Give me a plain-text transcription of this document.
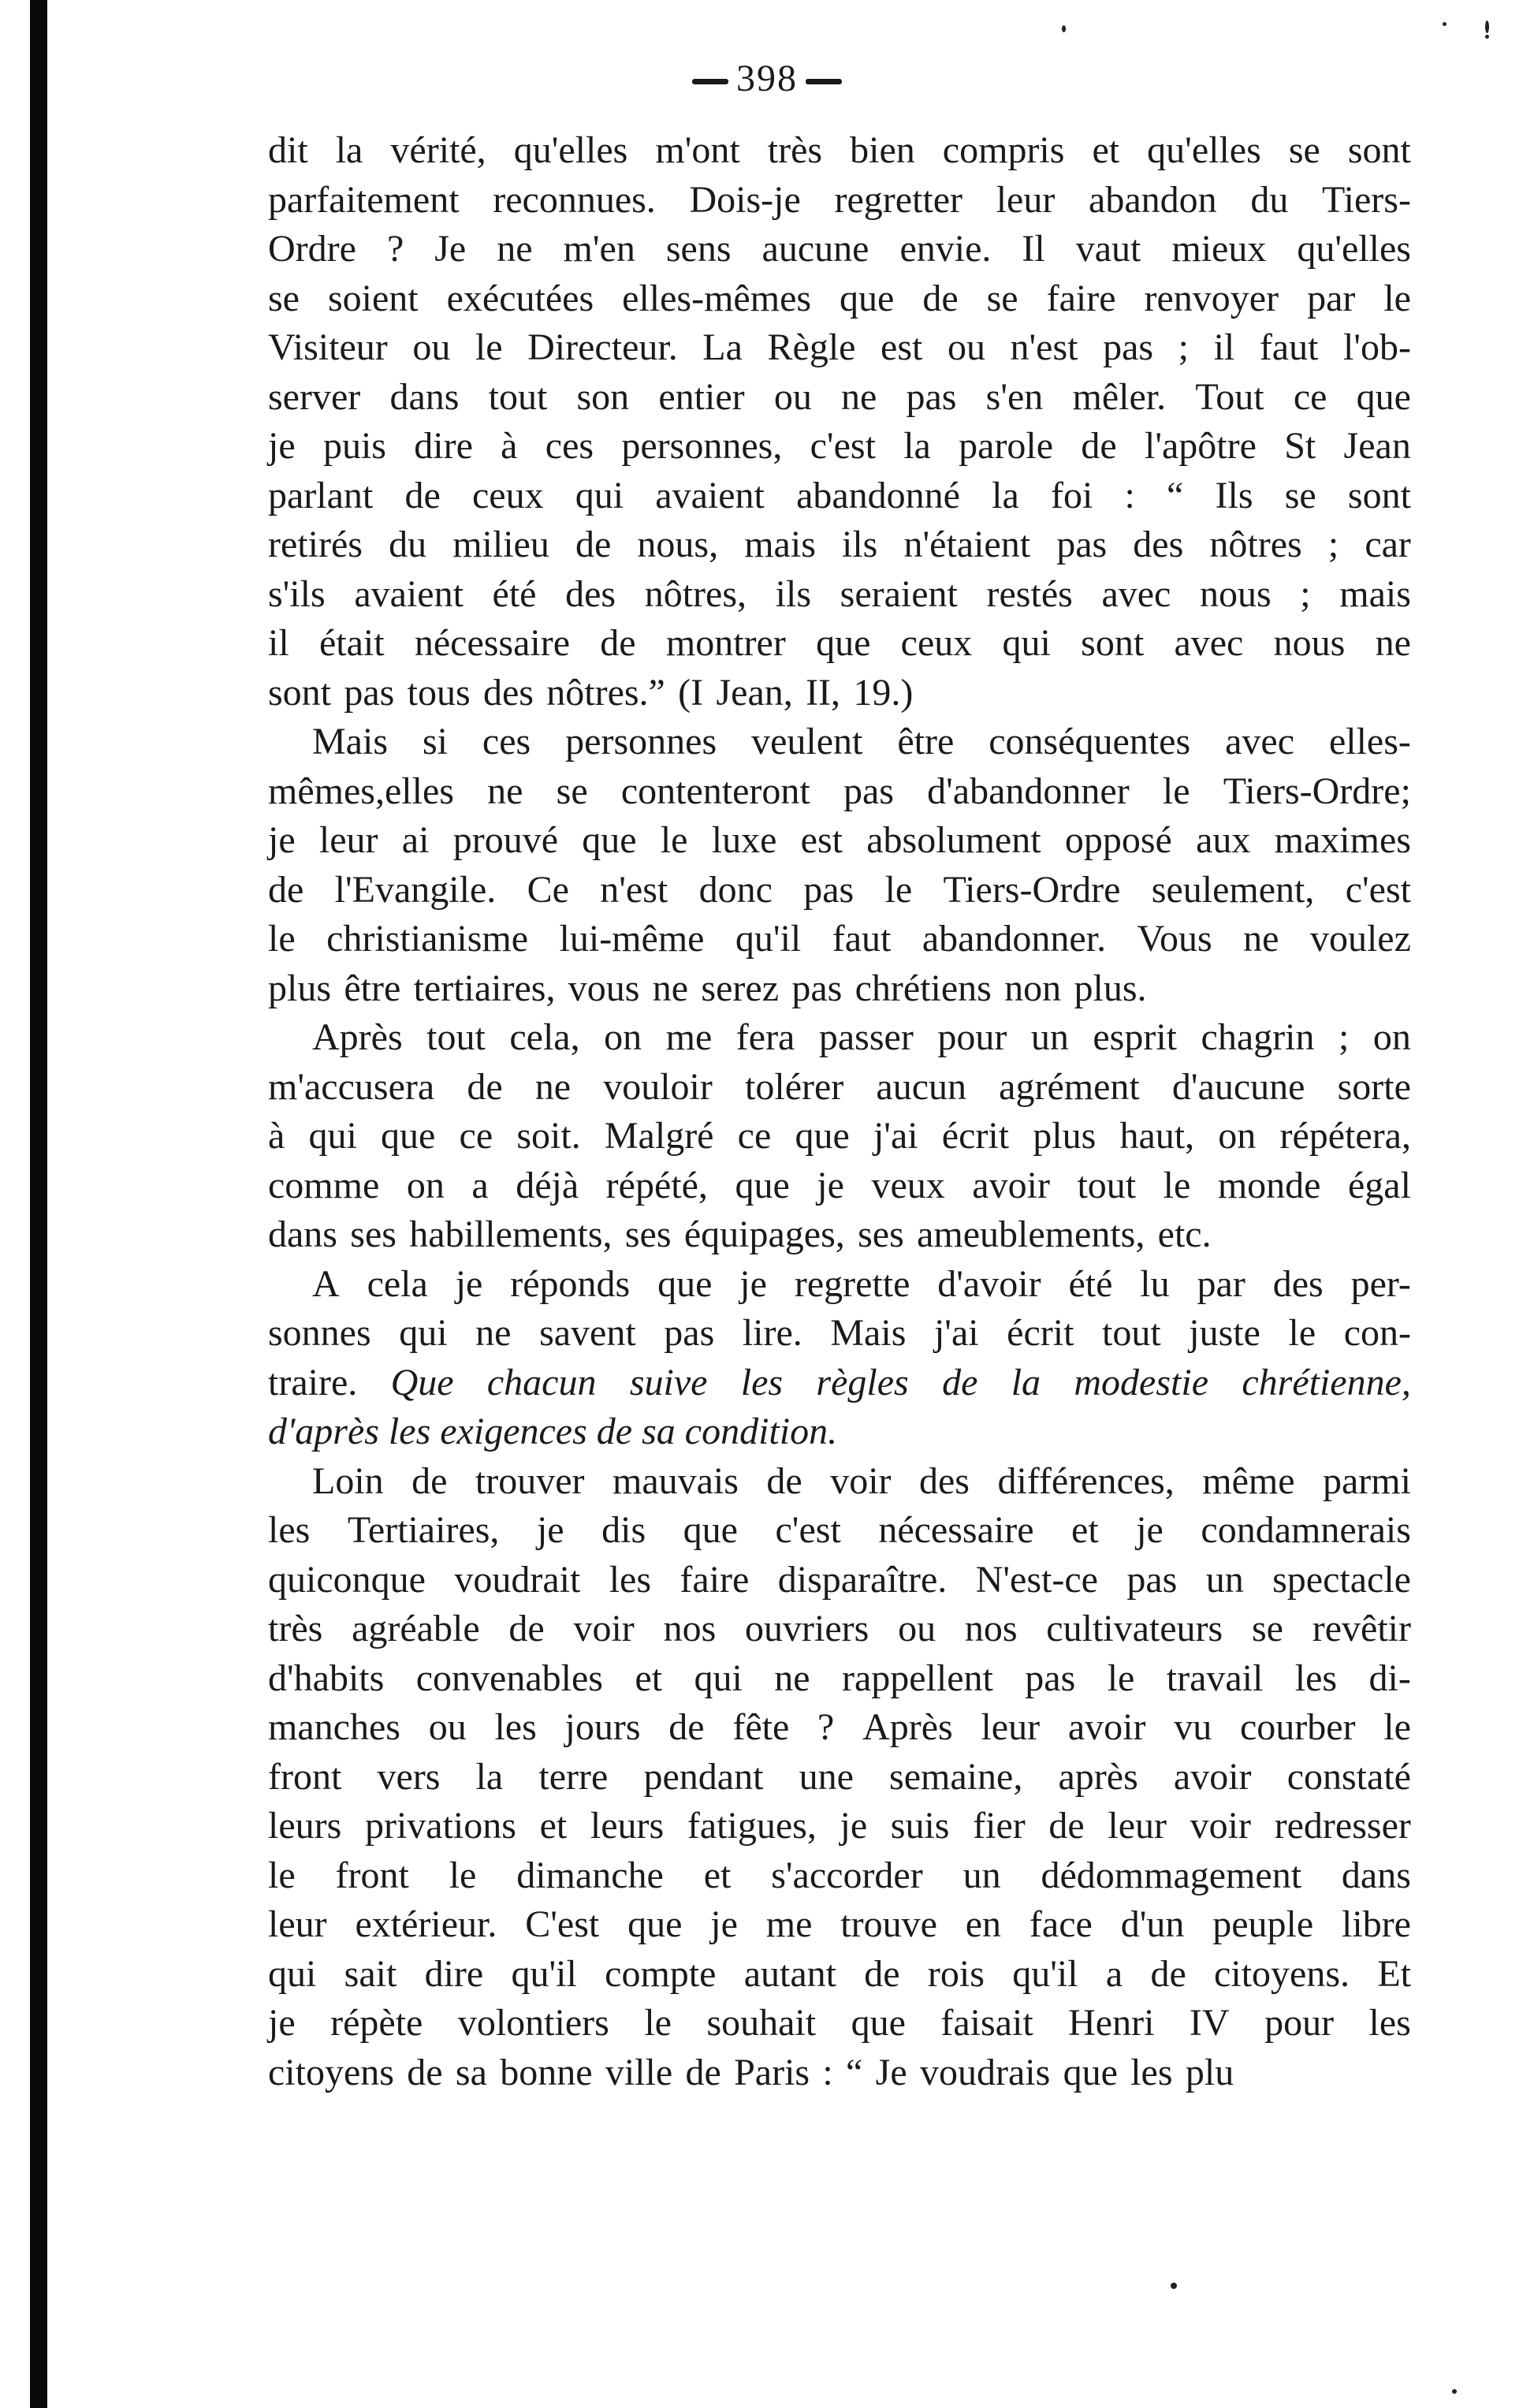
398
dit la vérité, qu'elles m'ont très bien compris et qu'elles se sont
parfaitement reconnues. Dois-je regretter leur abandon du Tiers-
Ordre ? Je ne m'en sens aucune envie. Il vaut mieux qu'elles
se soient exécutées elles-mêmes que de se faire renvoyer par le
Visiteur ou le Directeur. La Règle est ou n'est pas ; il faut l'ob-
server dans tout son entier ou ne pas s'en mêler. Tout ce que
je puis dire à ces personnes, c'est la parole de l'apôtre St Jean
parlant de ceux qui avaient abandonné la foi : “ Ils se sont
retirés du milieu de nous, mais ils n'étaient pas des nôtres ; car
s'ils avaient été des nôtres, ils seraient restés avec nous ; mais
il était nécessaire de montrer que ceux qui sont avec nous ne
sont pas tous des nôtres.” (I Jean, II, 19.)
Mais si ces personnes veulent être conséquentes avec elles-
mêmes,elles ne se contenteront pas d'abandonner le Tiers-Ordre;
je leur ai prouvé que le luxe est absolument opposé aux maximes
de l'Evangile. Ce n'est donc pas le Tiers-Ordre seulement, c'est
le christianisme lui-même qu'il faut abandonner. Vous ne voulez
plus être tertiaires, vous ne serez pas chrétiens non plus.
Après tout cela, on me fera passer pour un esprit chagrin ; on
m'accusera de ne vouloir tolérer aucun agrément d'aucune sorte
à qui que ce soit. Malgré ce que j'ai écrit plus haut, on répétera,
comme on a déjà répété, que je veux avoir tout le monde égal
dans ses habillements, ses équipages, ses ameublements, etc.
A cela je réponds que je regrette d'avoir été lu par des per-
sonnes qui ne savent pas lire. Mais j'ai écrit tout juste le con-
traire. Que chacun suive les règles de la modestie chrétienne,
d'après les exigences de sa condition.
Loin de trouver mauvais de voir des différences, même parmi
les Tertiaires, je dis que c'est nécessaire et je condamnerais
quiconque voudrait les faire disparaître. N'est-ce pas un spectacle
très agréable de voir nos ouvriers ou nos cultivateurs se revêtir
d'habits convenables et qui ne rappellent pas le travail les di-
manches ou les jours de fête ? Après leur avoir vu courber le
front vers la terre pendant une semaine, après avoir constaté
leurs privations et leurs fatigues, je suis fier de leur voir redresser
le front le dimanche et s'accorder un dédommagement dans
leur extérieur. C'est que je me trouve en face d'un peuple libre
qui sait dire qu'il compte autant de rois qu'il a de citoyens. Et
je répète volontiers le souhait que faisait Henri IV pour les
citoyens de sa bonne ville de Paris : “ Je voudrais que les plu
